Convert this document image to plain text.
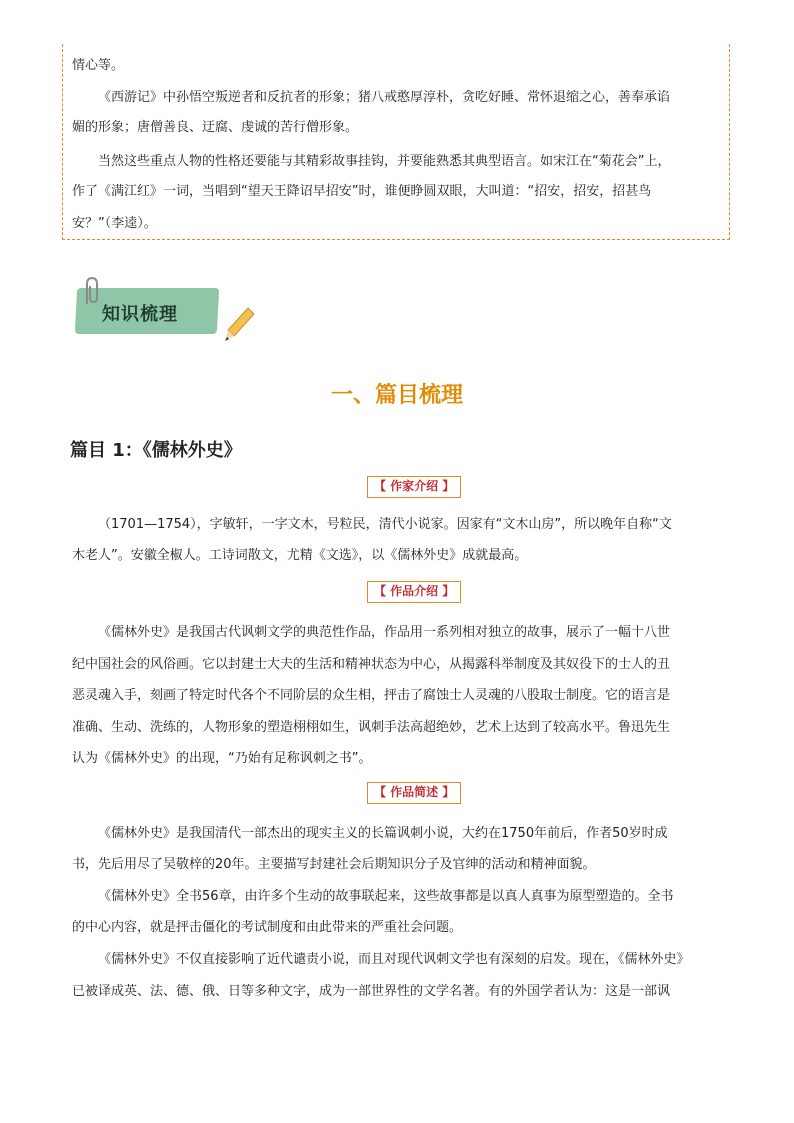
情心等。
《西游记》中孙悟空叛逆者和反抗者的形象；猪八戒憨厚淳朴，贪吃好睡、常怀退缩之心，善奉承谄
媚的形象；唐僧善良、迂腐、虔诚的苦行僧形象。
当然这些重点人物的性格还要能与其精彩故事挂钩，并要能熟悉其典型语言。如宋江在“菊花会”上，
作了《满江红》一词，当唱到“望天王降诏早招安”时，谁便睁圆双眼，大叫道：“招安，招安，招甚鸟
安？”（李逵）。
知识梳理
一、篇目梳理
篇目 1：《儒林外史》
【 作家介绍 】
（1701—1754），字敏轩，一字文木，号粒民，清代小说家。因家有“文木山房”，所以晚年自称“文
木老人”。安徽全椒人。工诗词散文，尤精《文选》，以《儒林外史》成就最高。
【 作品介绍 】
《儒林外史》是我国古代讽刺文学的典范性作品，作品用一系列相对独立的故事，展示了一幅十八世
纪中国社会的风俗画。它以封建士大夫的生活和精神状态为中心，从揭露科举制度及其奴役下的士人的丑
恶灵魂入手，刻画了特定时代各个不同阶层的众生相，抨击了腐蚀士人灵魂的八股取士制度。它的语言是
准确、生动、洗练的，人物形象的塑造栩栩如生，讽刺手法高超绝妙，艺术上达到了较高水平。鲁迅先生
认为《儒林外史》的出现，“乃始有足称讽刺之书”。
【 作品简述 】
《儒林外史》是我国清代一部杰出的现实主义的长篇讽刺小说，大约在1750年前后，作者50岁时成
书，先后用尽了吴敬梓的20年。主要描写封建社会后期知识分子及官绅的活动和精神面貌。
《儒林外史》全书56章，由许多个生动的故事联起来，这些故事都是以真人真事为原型塑造的。全书
的中心内容，就是抨击僵化的考试制度和由此带来的严重社会问题。
《儒林外史》不仅直接影响了近代谴责小说，而且对现代讽刺文学也有深刻的启发。现在，《儒林外史》
已被译成英、法、德、俄、日等多种文字，成为一部世界性的文学名著。有的外国学者认为：这是一部讽
